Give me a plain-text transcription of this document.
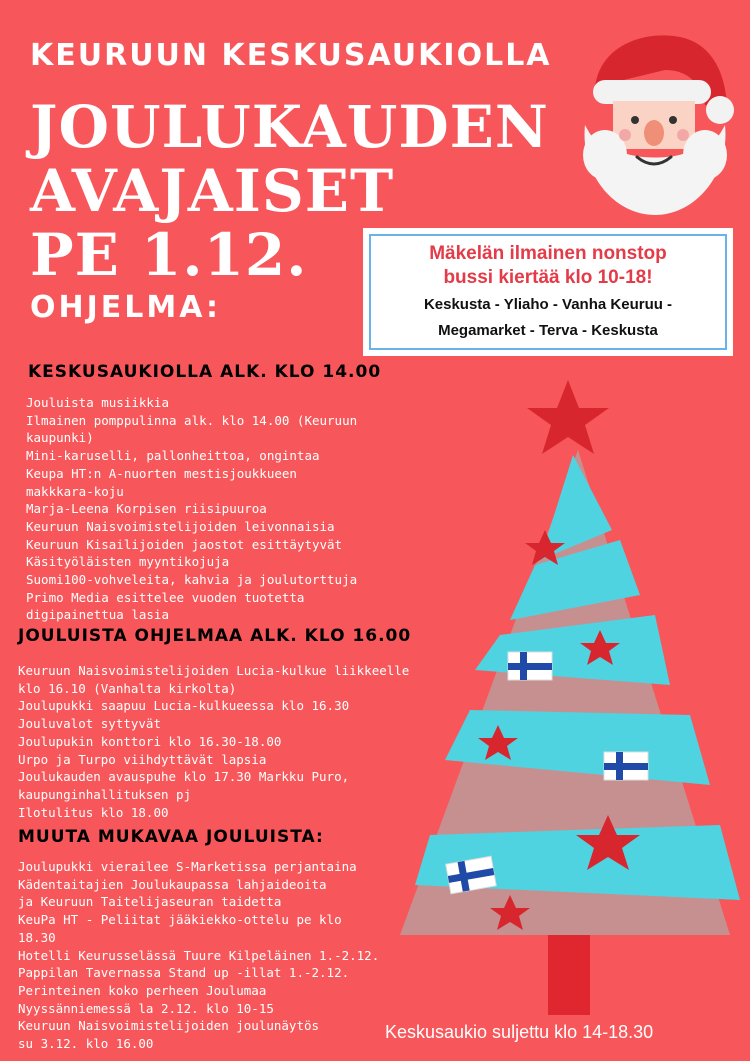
KEURUUN KESKUSAUKIOLLA
JOULUKAUDEN
AVAJAISET
PE 1.12.
OHJELMA:
Mäkelän ilmainen nonstop
bussi kiertää klo 10-18!
Keskusta - Yliaho - Vanha Keuruu -
Megamarket - Terva - Keskusta
KESKUSAUKIOLLA ALK. KLO 14.00
Jouluista musiikkia
Ilmainen pomppulinna alk. klo 14.00 (Keuruun
kaupunki)
Mini-karuselli, pallonheittoa, ongintaa
Keupa HT:n A-nuorten mestisjoukkueen
makkkara-koju
Marja-Leena Korpisen riisipuuroa
Keuruun Naisvoimistelijoiden leivonnaisia
Keuruun Kisailijoiden jaostot esittäytyvät
Käsityöläisten myyntikojuja
Suomi100-vohveleita, kahvia ja joulutorttuja
Primo Media esittelee vuoden tuotetta
digipainettua lasia
JOULUISTA OHJELMAA ALK. KLO 16.00
Keuruun Naisvoimistelijoiden Lucia-kulkue liikkeelle
klo 16.10 (Vanhalta kirkolta)
Joulupukki saapuu Lucia-kulkueessa klo 16.30
Jouluvalot syttyvät
Joulupukin konttori klo 16.30-18.00
Urpo ja Turpo viihdyttävät lapsia
Joulukauden avauspuhe klo 17.30 Markku Puro,
kaupunginhallituksen pj
Ilotulitus klo 18.00
MUUTA MUKAVAA JOULUISTA:
Joulupukki vierailee S-Marketissa perjantaina
Kädentaitajien Joulukaupassa lahjaideoita
ja Keuruun Taitelijaseuran taidetta
KeuPa HT - Peliitat jääkiekko-ottelu pe klo
18.30
Hotelli Keurusselässä Tuure Kilpeläinen 1.-2.12.
Pappilan Tavernassa Stand up -illat 1.-2.12.
Perinteinen koko perheen Joulumaa
Nyyssänniemessä la 2.12. klo 10-15
Keuruun Naisvoimistelijoiden joulunäytös
su 3.12. klo 16.00
Keskusaukio suljettu klo 14-18.30
